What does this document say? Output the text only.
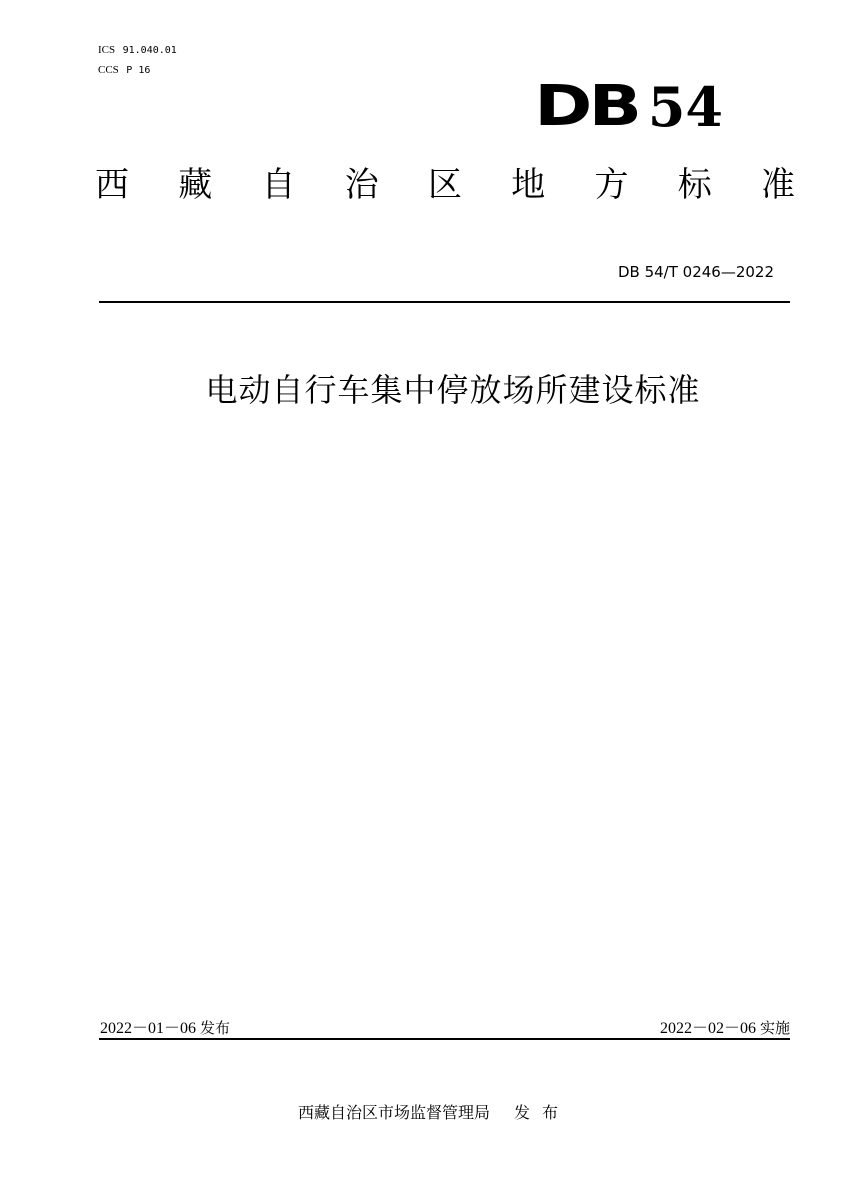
ICS 91.040.01
CCS P 16
DB 54
西 藏 自 治 区 地 方 标 准
DB 54/T 0246—2022
电动自行车集中停放场所建设标准
2022－01－06 发布	2022－02－06 实施
西藏自治区市场监督管理局 发布
